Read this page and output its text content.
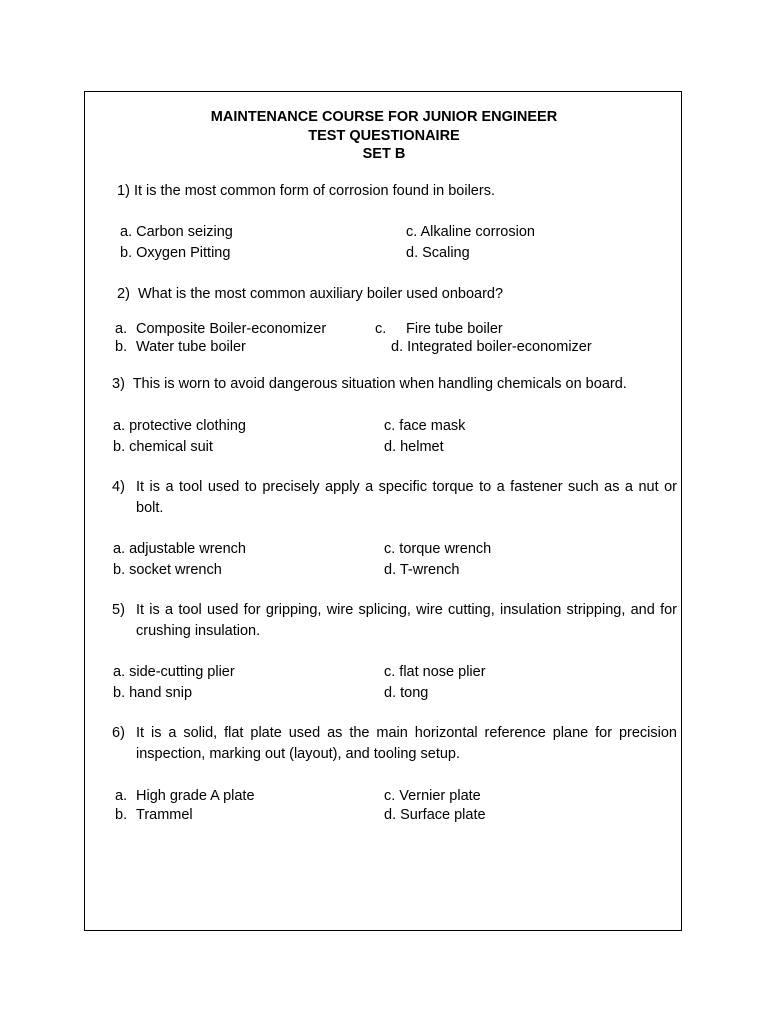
MAINTENANCE COURSE FOR JUNIOR ENGINEER
TEST QUESTIONAIRE
SET B
1) It is the most common form of corrosion found in boilers.
a. Carbon seizing
b. Oxygen Pitting
c. Alkaline corrosion
d. Scaling
2) What is the most common auxiliary boiler used onboard?
a. Composite Boiler-economizer
b. Water tube boiler
c. Fire tube boiler
d. Integrated boiler-economizer
3) This is worn to avoid dangerous situation when handling chemicals on board.
a. protective clothing
b. chemical suit
c. face mask
d. helmet
4) It is a tool used to precisely apply a specific torque to a fastener such as a nut or bolt.
a. adjustable wrench
b. socket wrench
c. torque wrench
d. T-wrench
5) It is a tool used for gripping, wire splicing, wire cutting, insulation stripping, and for crushing insulation.
a. side-cutting plier
b. hand snip
c. flat nose plier
d. tong
6) It is a solid, flat plate used as the main horizontal reference plane for precision inspection, marking out (layout), and tooling setup.
a. High grade A plate
b. Trammel
c. Vernier plate
d. Surface plate
